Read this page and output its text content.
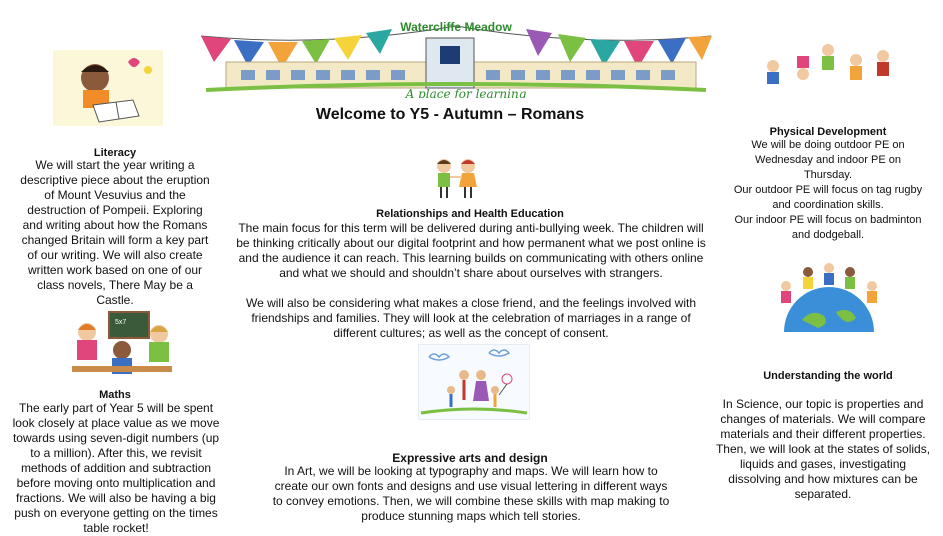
Watercliffe Meadow
A place for learning
Welcome to Y5 - Autumn – Romans
Literacy
We will start the year writing a
descriptive piece about the eruption
of Mount Vesuvius and the
destruction of Pompeii. Exploring
and writing about how the Romans
changed Britain will form a key part
of our writing. We will also create
written work based on one of our
class novels, There May be a
Castle.
5x7
Maths
The early part of Year 5 will be spent
look closely at place value as we move
towards using seven-digit numbers (up
to a million). After this, we revisit
methods of addition and subtraction
before moving onto multiplication and
fractions. We will also be having a big
push on everyone getting on the times
table rocket!
Relationships and Health Education
The main focus for this term will be delivered during anti-bullying week. The children will
be thinking critically about our digital footprint and how permanent what we post online is
and the audience it can reach. This learning builds on communicating with others online
and what we should and shouldn’t share about ourselves with strangers.

We will also be considering what makes a close friend, and the feelings involved with
friendships and families. They will look at the celebration of marriages in a range of
different cultures; as well as the concept of consent.
Expressive arts and design
In Art, we will be looking at typography and maps. We will learn how to
create our own fonts and designs and use visual lettering in different ways
to convey emotions. Then, we will combine these skills with map making to
produce stunning maps which tell stories.
Physical Development
We will be doing outdoor PE on
Wednesday and indoor PE on
Thursday.
Our outdoor PE will focus on tag rugby
and coordination skills.
Our indoor PE will focus on badminton
and dodgeball.
Understanding the world
In Science, our topic is properties and
changes of materials. We will compare
materials and their different properties.
Then, we will look at the states of solids,
liquids and gases, investigating
dissolving and how mixtures can be
separated.
